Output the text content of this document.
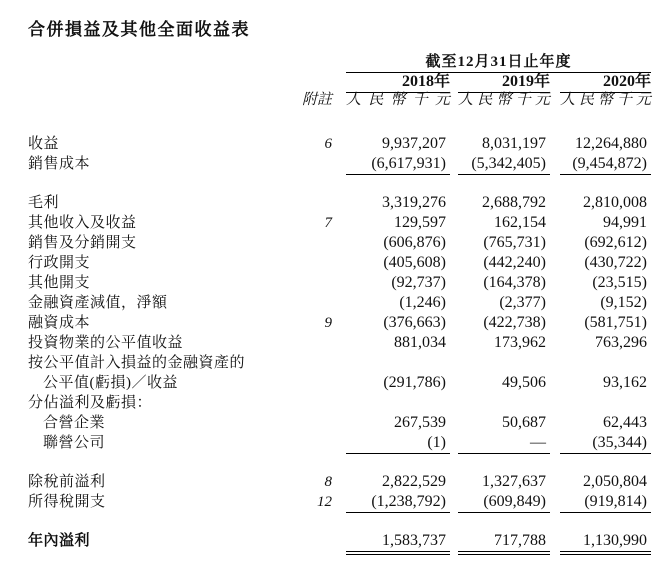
合併損益及其他全面收益表
截至12月31日止年度
2018年	2019年	2020年
附註 人民幣千元 人民幣千元 人民幣千元
收益	6	9,937,207	8,031,197	12,264,880
銷售成本	(6,617,931)	(5,342,405)	(9,454,872)
毛利	3,319,276	2,688,792	2,810,008
其他收入及收益	7	129,597	162,154	94,991
銷售及分銷開支	(606,876)	(765,731)	(692,612)
行政開支	(405,608)	(442,240)	(430,722)
其他開支	(92,737)	(164,378)	(23,515)
金融資產減值，淨額	(1,246)	(2,377)	(9,152)
融資成本	9	(376,663)	(422,738)	(581,751)
投資物業的公平值收益	881,034	173,962	763,296
按公平值計入損益的金融資產的
公平值(虧損)／收益	(291,786)	49,506	93,162
分佔溢利及虧損：
合營企業	267,539	50,687	62,443
聯營公司	(1)	—	(35,344)
除稅前溢利	8	2,822,529	1,327,637	2,050,804
所得稅開支	12	(1,238,792)	(609,849)	(919,814)
年內溢利	1,583,737	717,788	1,130,990
